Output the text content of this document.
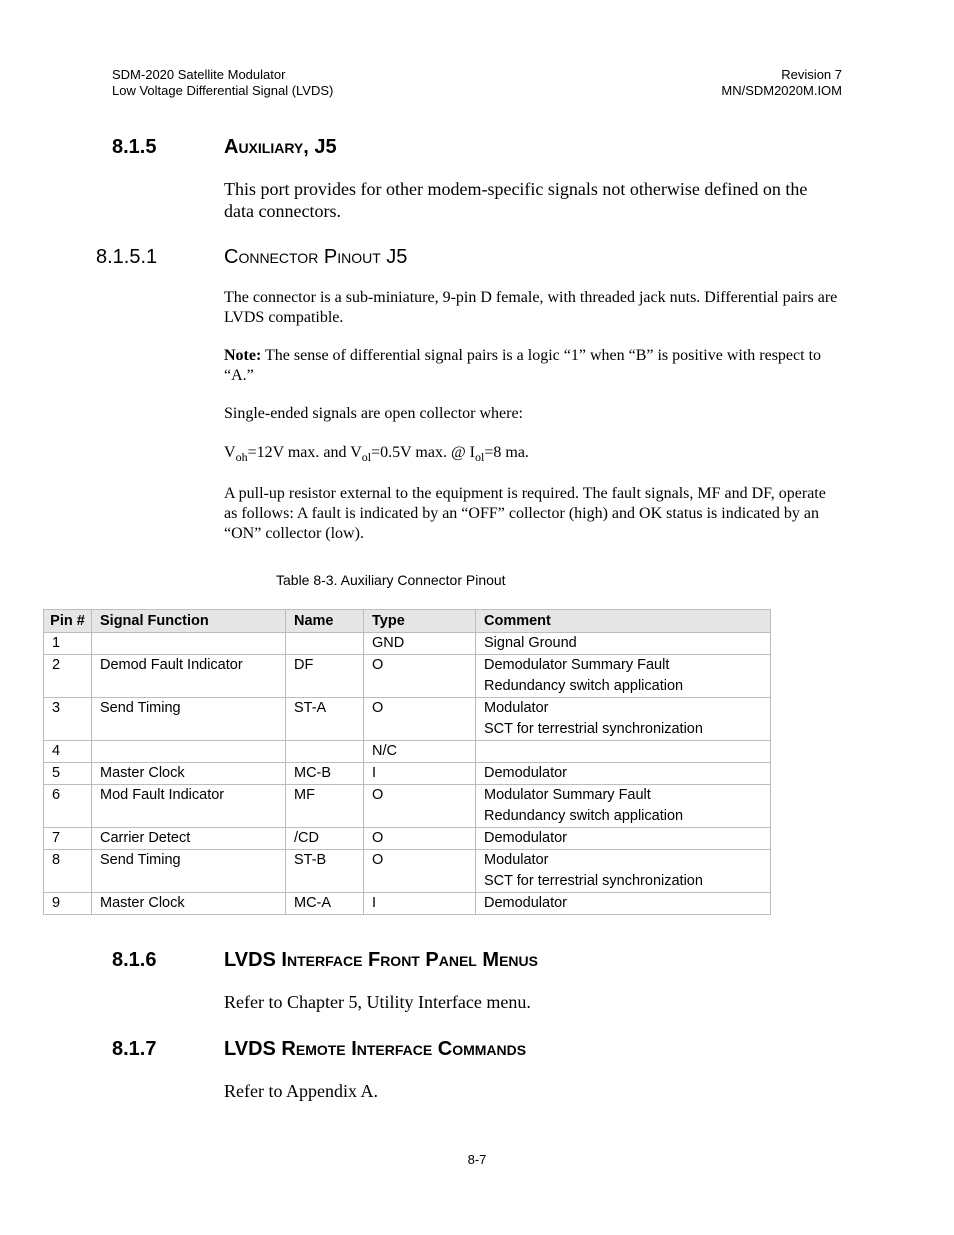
SDM-2020 Satellite Modulator
Low Voltage Differential Signal (LVDS)
Revision 7
MN/SDM2020M.IOM
8.1.5	Auxiliary, J5
This port provides for other modem-specific signals not otherwise defined on the data connectors.
8.1.5.1	Connector Pinout J5
The connector is a sub-miniature, 9-pin D female, with threaded jack nuts. Differential pairs are LVDS compatible.
Note: The sense of differential signal pairs is a logic “1” when “B” is positive with respect to “A.”
Single-ended signals are open collector where:
$V_{oh}=12V$ max. and $V_{ol}=0.5V$ max. @ $I_{ol}=8$ ma.
A pull-up resistor external to the equipment is required. The fault signals, MF and DF, operate as follows: A fault is indicated by an “OFF” collector (high) and OK status is indicated by an “ON” collector (low).
Table 8-3. Auxiliary Connector Pinout
Pin #	Signal Function	Name	Type	Comment
1			GND	Signal Ground

2	Demod Fault Indicator	DF	O	Demodulator Summary Fault
Redundancy switch application

3	Send Timing	ST-A	O	Modulator
SCT for terrestrial synchronization

4			N/C	

5	Master Clock	MC-B	I	Demodulator

6	Mod Fault Indicator	MF	O	Modulator Summary Fault
Redundancy switch application

7	Carrier Detect	/CD	O	Demodulator

8	Send Timing	ST-B	O	Modulator
SCT for terrestrial synchronization

9	Master Clock	MC-A	I	Demodulator
8.1.6	LVDS Interface Front Panel Menus
Refer to Chapter 5, Utility Interface menu.
8.1.7	LVDS Remote Interface Commands
Refer to Appendix A.
8-7
